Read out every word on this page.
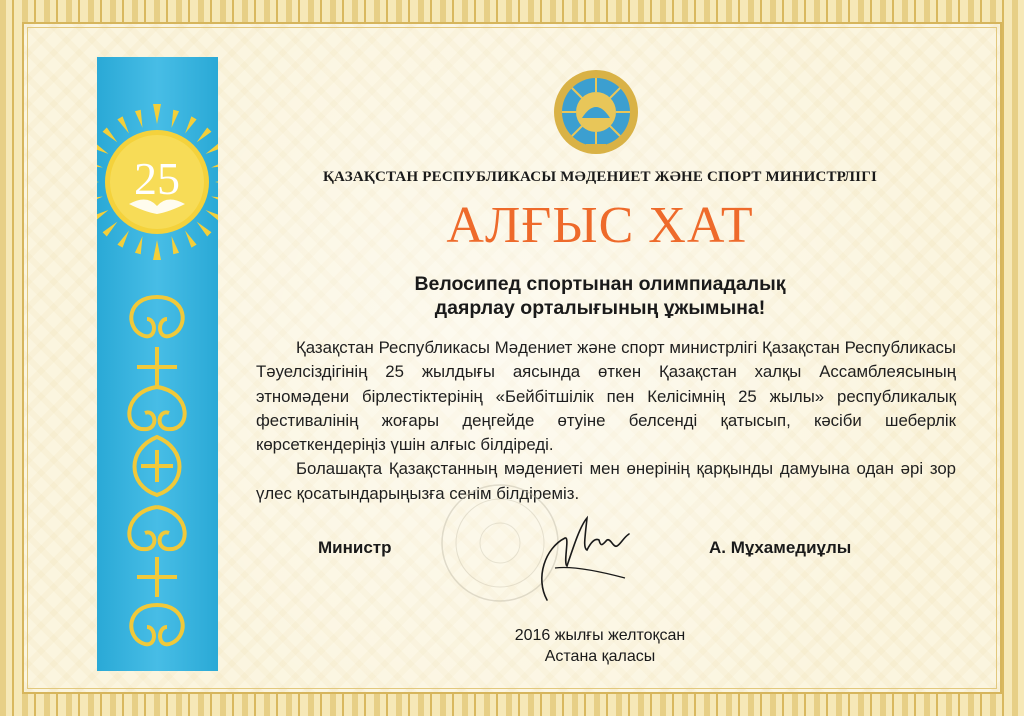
25	ҚАЗАҚСТАН РЕСПУБЛИКАСЫ МӘДЕНИЕТ ЖӘНЕ СПОРТ МИНИСТРЛІГІ
АЛҒЫС ХАТ
Велосипед спортынан олимпиадалық
даярлау орталығының ұжымына!

Қазақстан Республикасы Мәдениет және спорт министрлігі Қазақстан Республикасы Тәуелсіздігінің 25 жылдығы аясында өткен Қазақстан халқы Ассамблеясының этномәдени бірлестіктерінің «Бейбітшілік пен Келісімнің 25 жылы» республикалық фестивалінің жоғары деңгейде өтуіне белсенді қатысып, кәсіби шеберлік көрсеткендеріңіз үшін алғыс білдіреді.

Болашақта Қазақстанның мәдениеті мен өнерінің қарқынды дамуына одан әрі зор үлес қосатындарыңызға сенім білдіреміз.

Министр	А. Мұхамедиұлы
2016 жылғы желтоқсан
Астана қаласы
